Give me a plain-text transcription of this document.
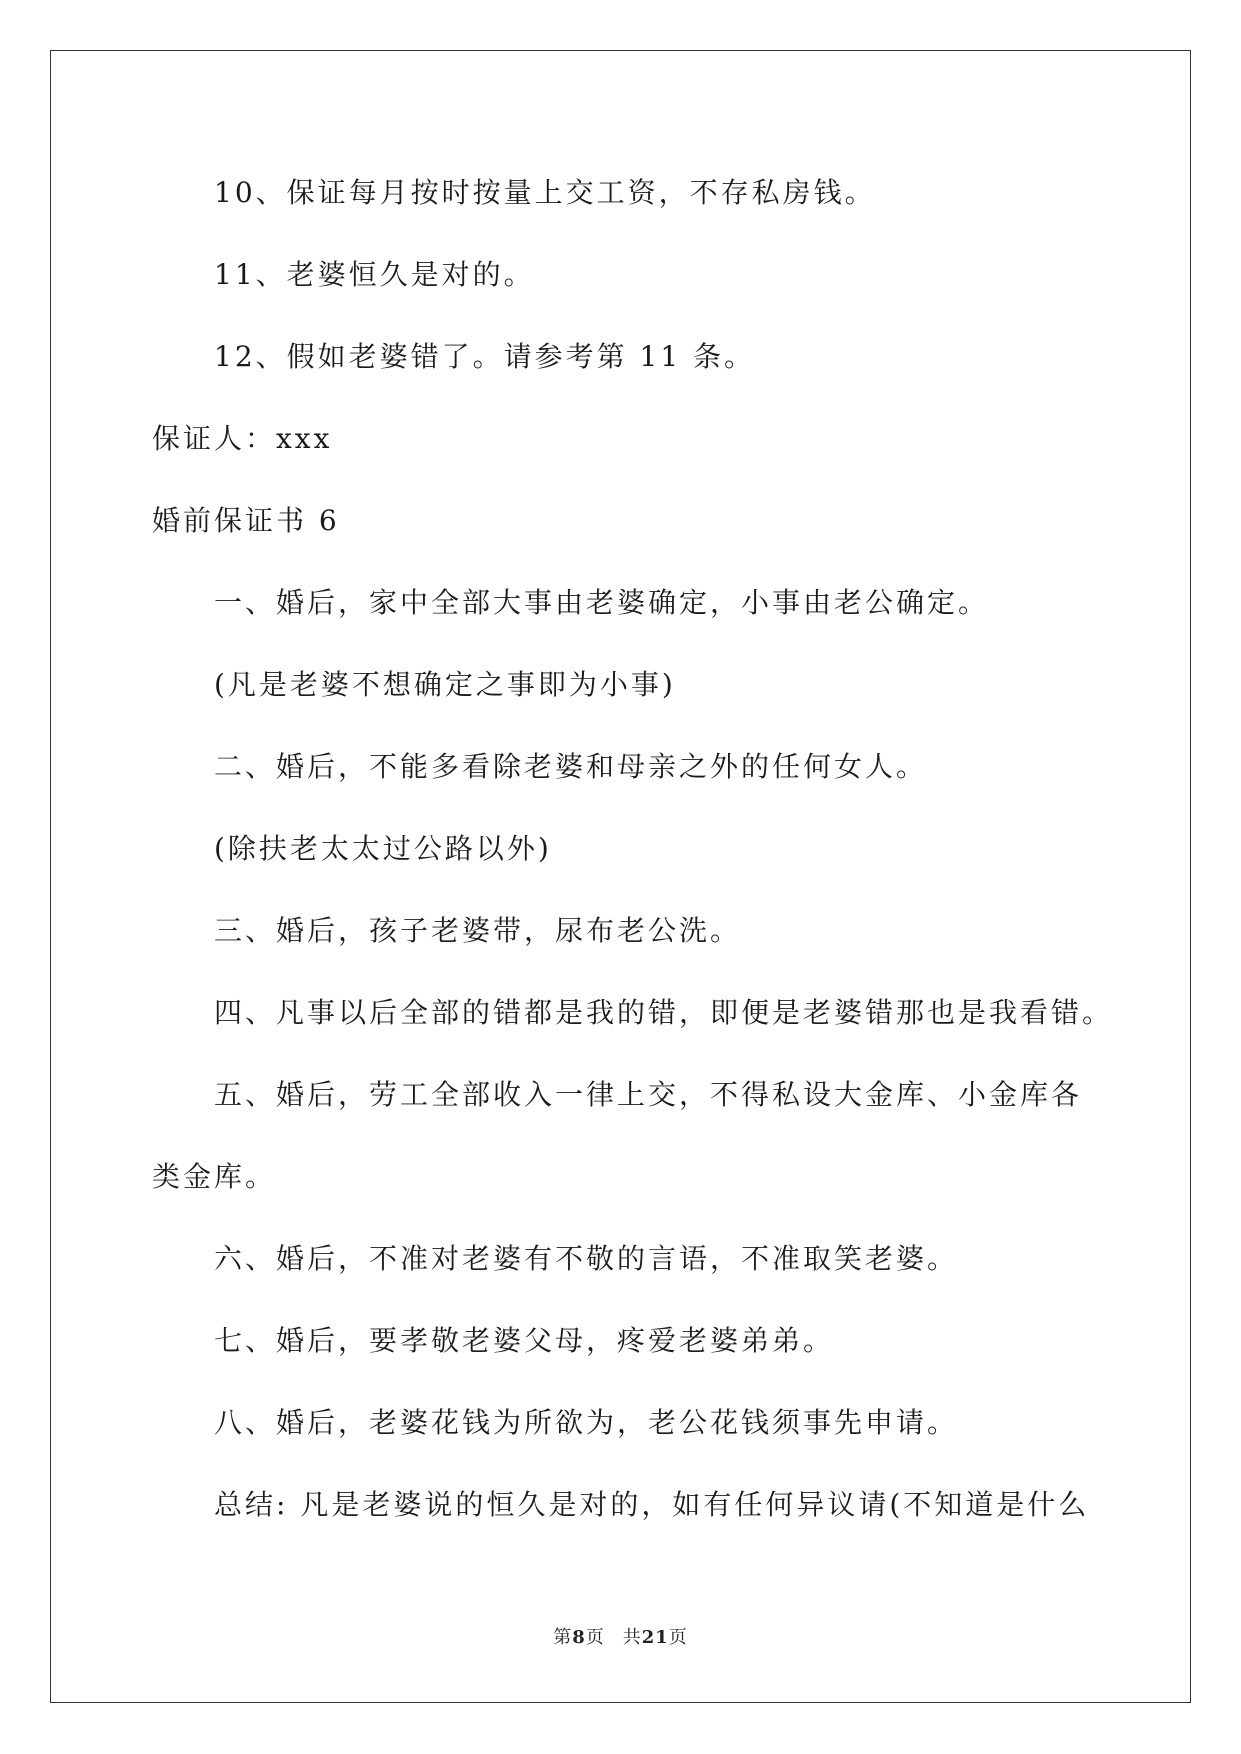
10、保证每月按时按量上交工资，不存私房钱。
11、老婆恒久是对的。
12、假如老婆错了。请参考第 11 条。
保证人：xxx
婚前保证书 6
一、婚后，家中全部大事由老婆确定，小事由老公确定。
(凡是老婆不想确定之事即为小事)
二、婚后，不能多看除老婆和母亲之外的任何女人。
(除扶老太太过公路以外)
三、婚后，孩子老婆带，尿布老公洗。
四、凡事以后全部的错都是我的错，即便是老婆错那也是我看错。
五、婚后，劳工全部收入一律上交，不得私设大金库、小金库各
类金库。
六、婚后，不准对老婆有不敬的言语，不准取笑老婆。
七、婚后，要孝敬老婆父母，疼爱老婆弟弟。
八、婚后，老婆花钱为所欲为，老公花钱须事先申请。
总结: 凡是老婆说的恒久是对的，如有任何异议请(不知道是什么
第8页 共21页
